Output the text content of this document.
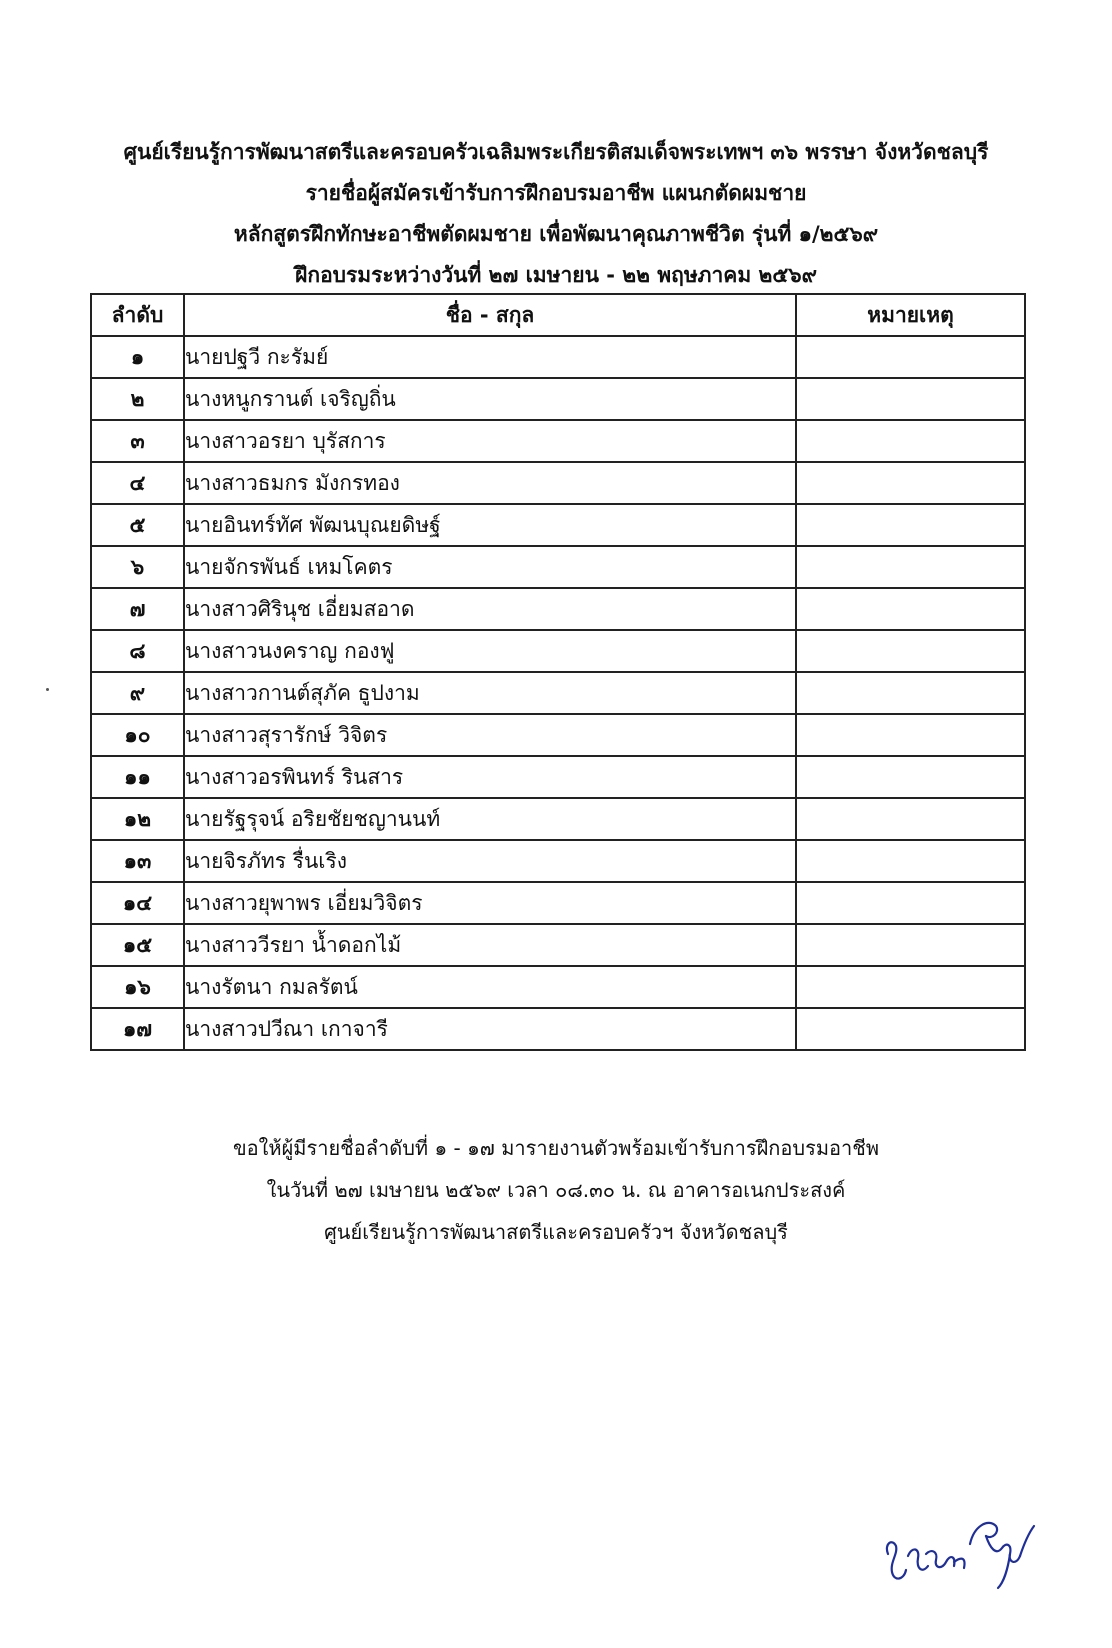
ศูนย์เรียนรู้การพัฒนาสตรีและครอบครัวเฉลิมพระเกียรติสมเด็จพระเทพฯ ๓๖ พรรษา จังหวัดชลบุรี
รายชื่อผู้สมัครเข้ารับการฝึกอบรมอาชีพ แผนกตัดผมชาย
หลักสูตรฝึกทักษะอาชีพตัดผมชาย เพื่อพัฒนาคุณภาพชีวิต รุ่นที่ ๑/๒๕๖๙
ฝึกอบรมระหว่างวันที่ ๒๗ เมษายน - ๒๒ พฤษภาคม ๒๕๖๙
ลำดับ	ชื่อ - สกุล	หมายเหตุ
๑	นายปฐวี กะรัมย์	
๒	นางหนูกรานต์ เจริญถิ่น	
๓	นางสาวอรยา บุรัสการ	
๔	นางสาวธมกร มังกรทอง	
๕	นายอินทร์ทัศ พัฒนบุณยดิษฐ์	
๖	นายจักรพันธ์ เหมโคตร	
๗	นางสาวศิรินุช เอี่ยมสอาด	
๘	นางสาวนงคราญ กองฟู	
๙	นางสาวกานต์สุภัค ธูปงาม	
๑๐	นางสาวสุรารักษ์ วิจิตร	
๑๑	นางสาวอรพินทร์ รินสาร	
๑๒	นายรัฐรุจน์ อริยชัยชญานนท์	
๑๓	นายจิรภัทร รื่นเริง	
๑๔	นางสาวยุพาพร เอี่ยมวิจิตร	
๑๕	นางสาววีรยา น้ำดอกไม้	
๑๖	นางรัตนา กมลรัตน์	
๑๗	นางสาวปวีณา เกาจารี	
ขอให้ผู้มีรายชื่อลำดับที่ ๑ - ๑๗ มารายงานตัวพร้อมเข้ารับการฝึกอบรมอาชีพ
ในวันที่ ๒๗ เมษายน ๒๕๖๙ เวลา ๐๘.๓๐ น. ณ อาคารอเนกประสงค์
ศูนย์เรียนรู้การพัฒนาสตรีและครอบครัวฯ จังหวัดชลบุรี
